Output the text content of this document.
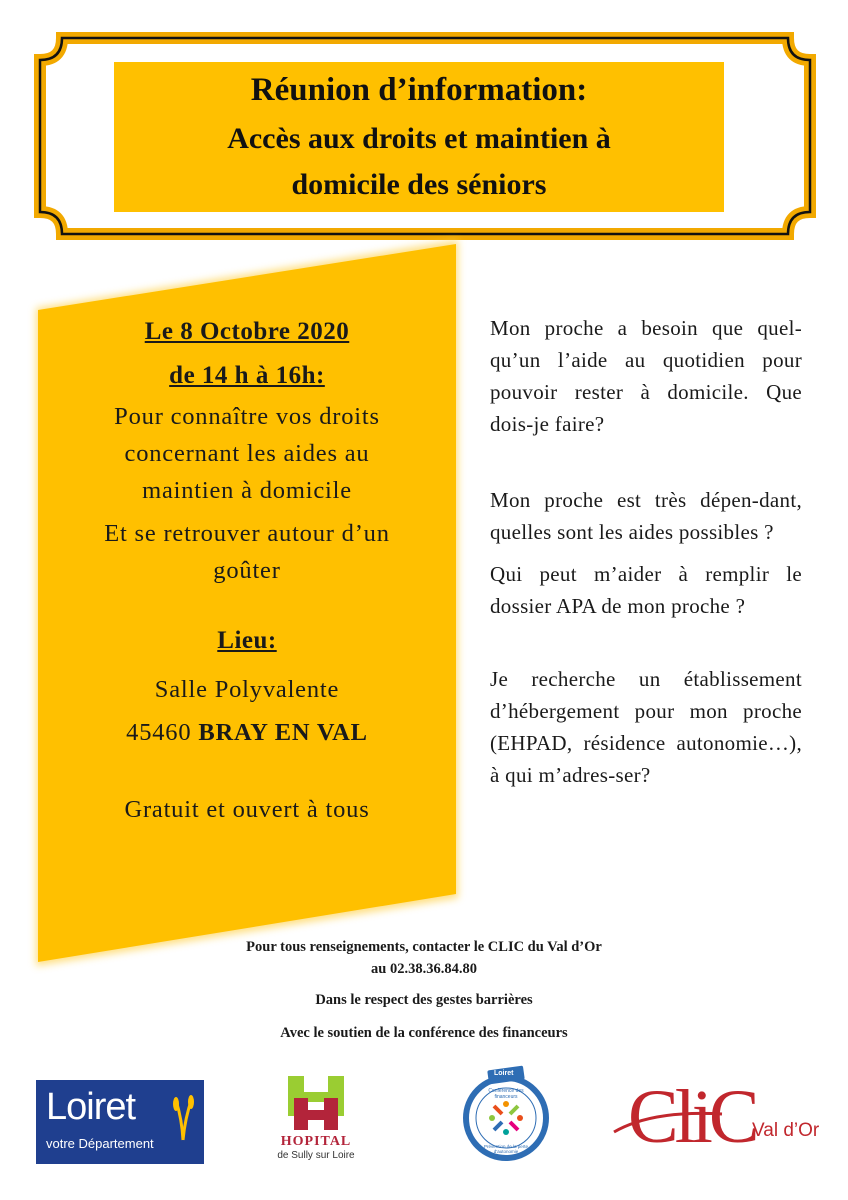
Réunion d’information:
Accès aux droits et maintien à
domicile des séniors
Le 8 Octobre 2020
de 14 h à 16h:
Pour connaître vos droits
concernant les aides au
maintien à domicile
Et se retrouver autour d’un
goûter
Lieu:
Salle Polyvalente
45460 BRAY EN VAL
Gratuit et ouvert à tous

Mon proche a besoin que quel-qu’un l’aide au quotidien pour pouvoir rester à domicile. Que dois-je faire?

Mon proche est très dépen-dant, quelles sont les aides possibles ?

Qui peut m’aider à remplir le dossier APA de mon proche ?

Je recherche un établissement d’hébergement pour mon proche (EHPAD, résidence autonomie…), à qui m’adres-ser?

Pour tous renseignements, contacter le CLIC du Val d’Or
au 02.38.36.84.80
Dans le respect des gestes barrières
Avec le soutien de la conférence des financeurs
Loiret
votre Département	HOPITAL
de Sully sur Loire
Loiret
Conférence des financeurs
Prévention de la perte d’autonomie CliC
Val d’Or
